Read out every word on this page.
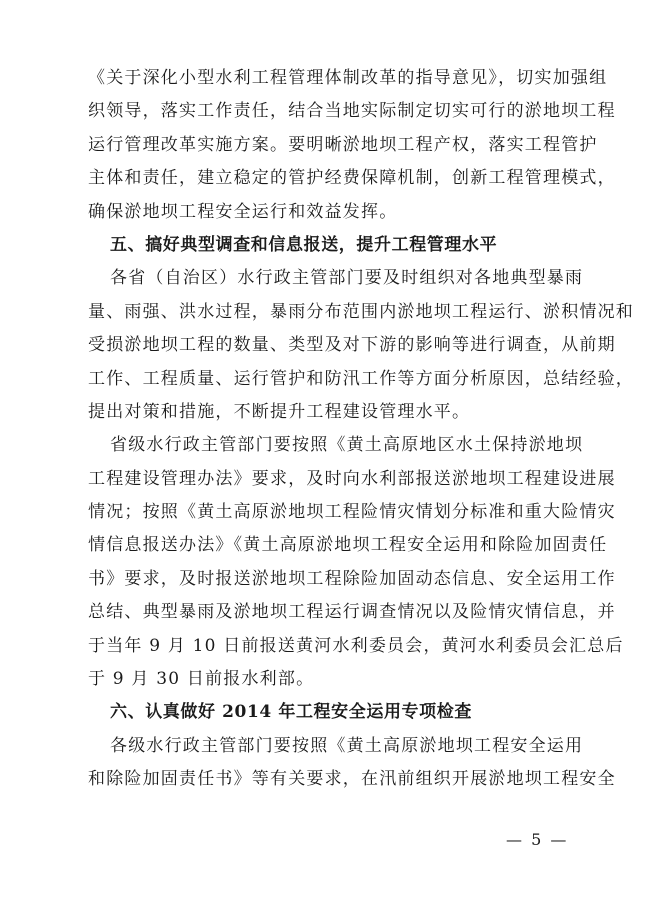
《关于深化小型水利工程管理体制改革的指导意见》，切实加强组
织领导，落实工作责任，结合当地实际制定切实可行的淤地坝工程
运行管理改革实施方案。要明晰淤地坝工程产权，落实工程管护
主体和责任，建立稳定的管护经费保障机制，创新工程管理模式，
确保淤地坝工程安全运行和效益发挥。
五、搞好典型调查和信息报送，提升工程管理水平
各省（自治区）水行政主管部门要及时组织对各地典型暴雨
量、雨强、洪水过程，暴雨分布范围内淤地坝工程运行、淤积情况和
受损淤地坝工程的数量、类型及对下游的影响等进行调查，从前期
工作、工程质量、运行管护和防汛工作等方面分析原因，总结经验，
提出对策和措施，不断提升工程建设管理水平。
省级水行政主管部门要按照《黄土高原地区水土保持淤地坝
工程建设管理办法》要求，及时向水利部报送淤地坝工程建设进展
情况；按照《黄土高原淤地坝工程险情灾情划分标准和重大险情灾
情信息报送办法》《黄土高原淤地坝工程安全运用和除险加固责任
书》要求，及时报送淤地坝工程除险加固动态信息、安全运用工作
总结、典型暴雨及淤地坝工程运行调查情况以及险情灾情信息，并
于当年 9 月 10 日前报送黄河水利委员会，黄河水利委员会汇总后
于 9 月 30 日前报水利部。
六、认真做好 2014 年工程安全运用专项检查
各级水行政主管部门要按照《黄土高原淤地坝工程安全运用
和除险加固责任书》等有关要求，在汛前组织开展淤地坝工程安全
— 5 —
